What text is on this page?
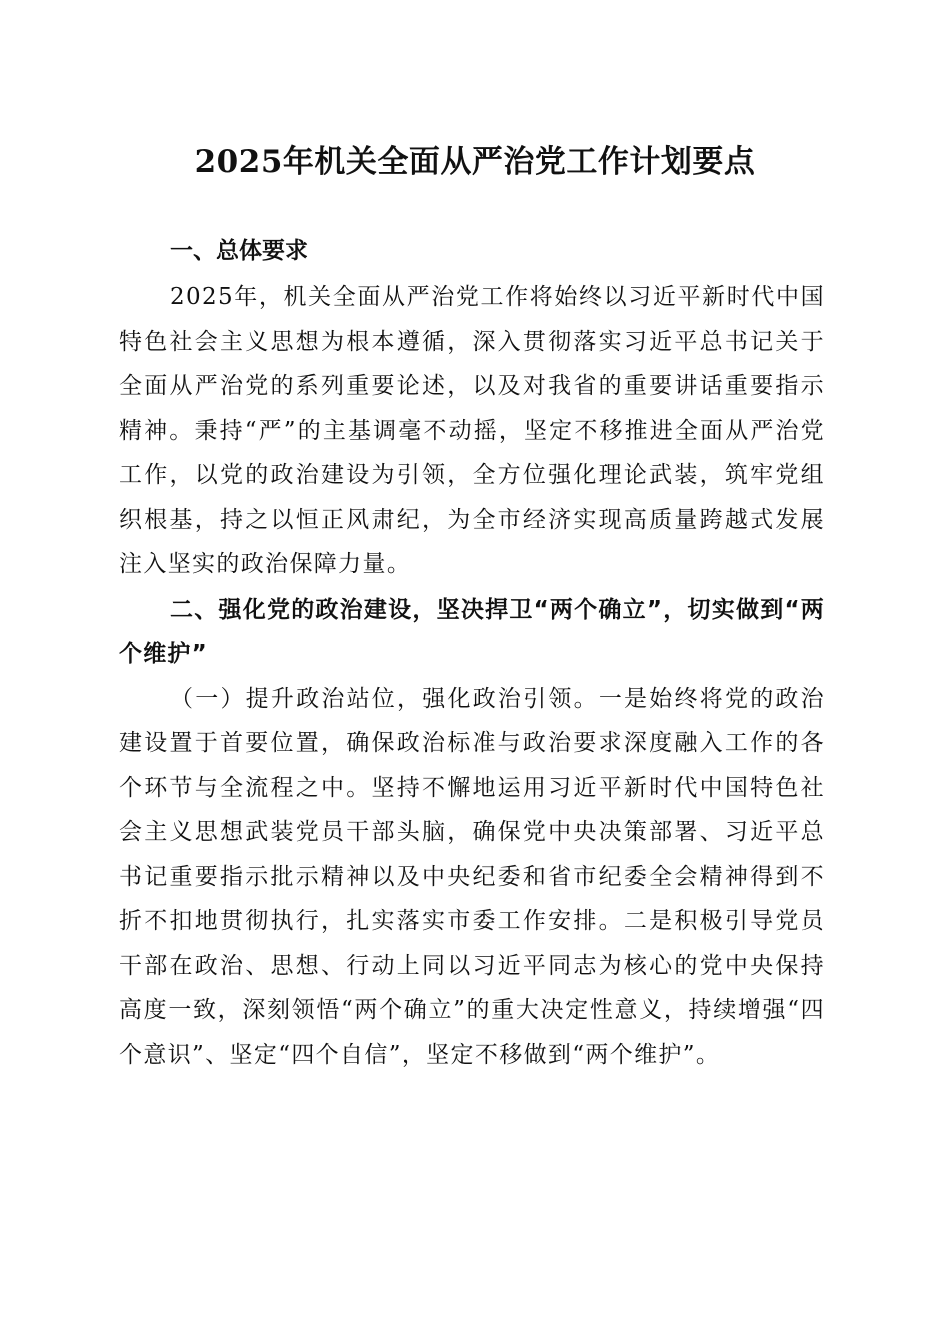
2025年机关全面从严治党工作计划要点
一、总体要求

2025年，机关全面从严治党工作将始终以习近平新时代中国特色社会主义思想为根本遵循，深入贯彻落实习近平总书记关于全面从严治党的系列重要论述，以及对我省的重要讲话重要指示精神。秉持“严”的主基调毫不动摇，坚定不移推进全面从严治党工作，以党的政治建设为引领，全方位强化理论武装，筑牢党组织根基，持之以恒正风肃纪，为全市经济实现高质量跨越式发展注入坚实的政治保障力量。

二、强化党的政治建设，坚决捍卫“两个确立”，切实做到“两个维护”

（一）提升政治站位，强化政治引领。一是始终将党的政治建设置于首要位置，确保政治标准与政治要求深度融入工作的各个环节与全流程之中。坚持不懈地运用习近平新时代中国特色社会主义思想武装党员干部头脑，确保党中央决策部署、习近平总书记重要指示批示精神以及中央纪委和省市纪委全会精神得到不折不扣地贯彻执行，扎实落实市委工作安排。二是积极引导党员干部在政治、思想、行动上同以习近平同志为核心的党中央保持高度一致，深刻领悟“两个确立”的重大决定性意义，持续增强“四个意识”、坚定“四个自信”，坚定不移做到“两个维护”。
